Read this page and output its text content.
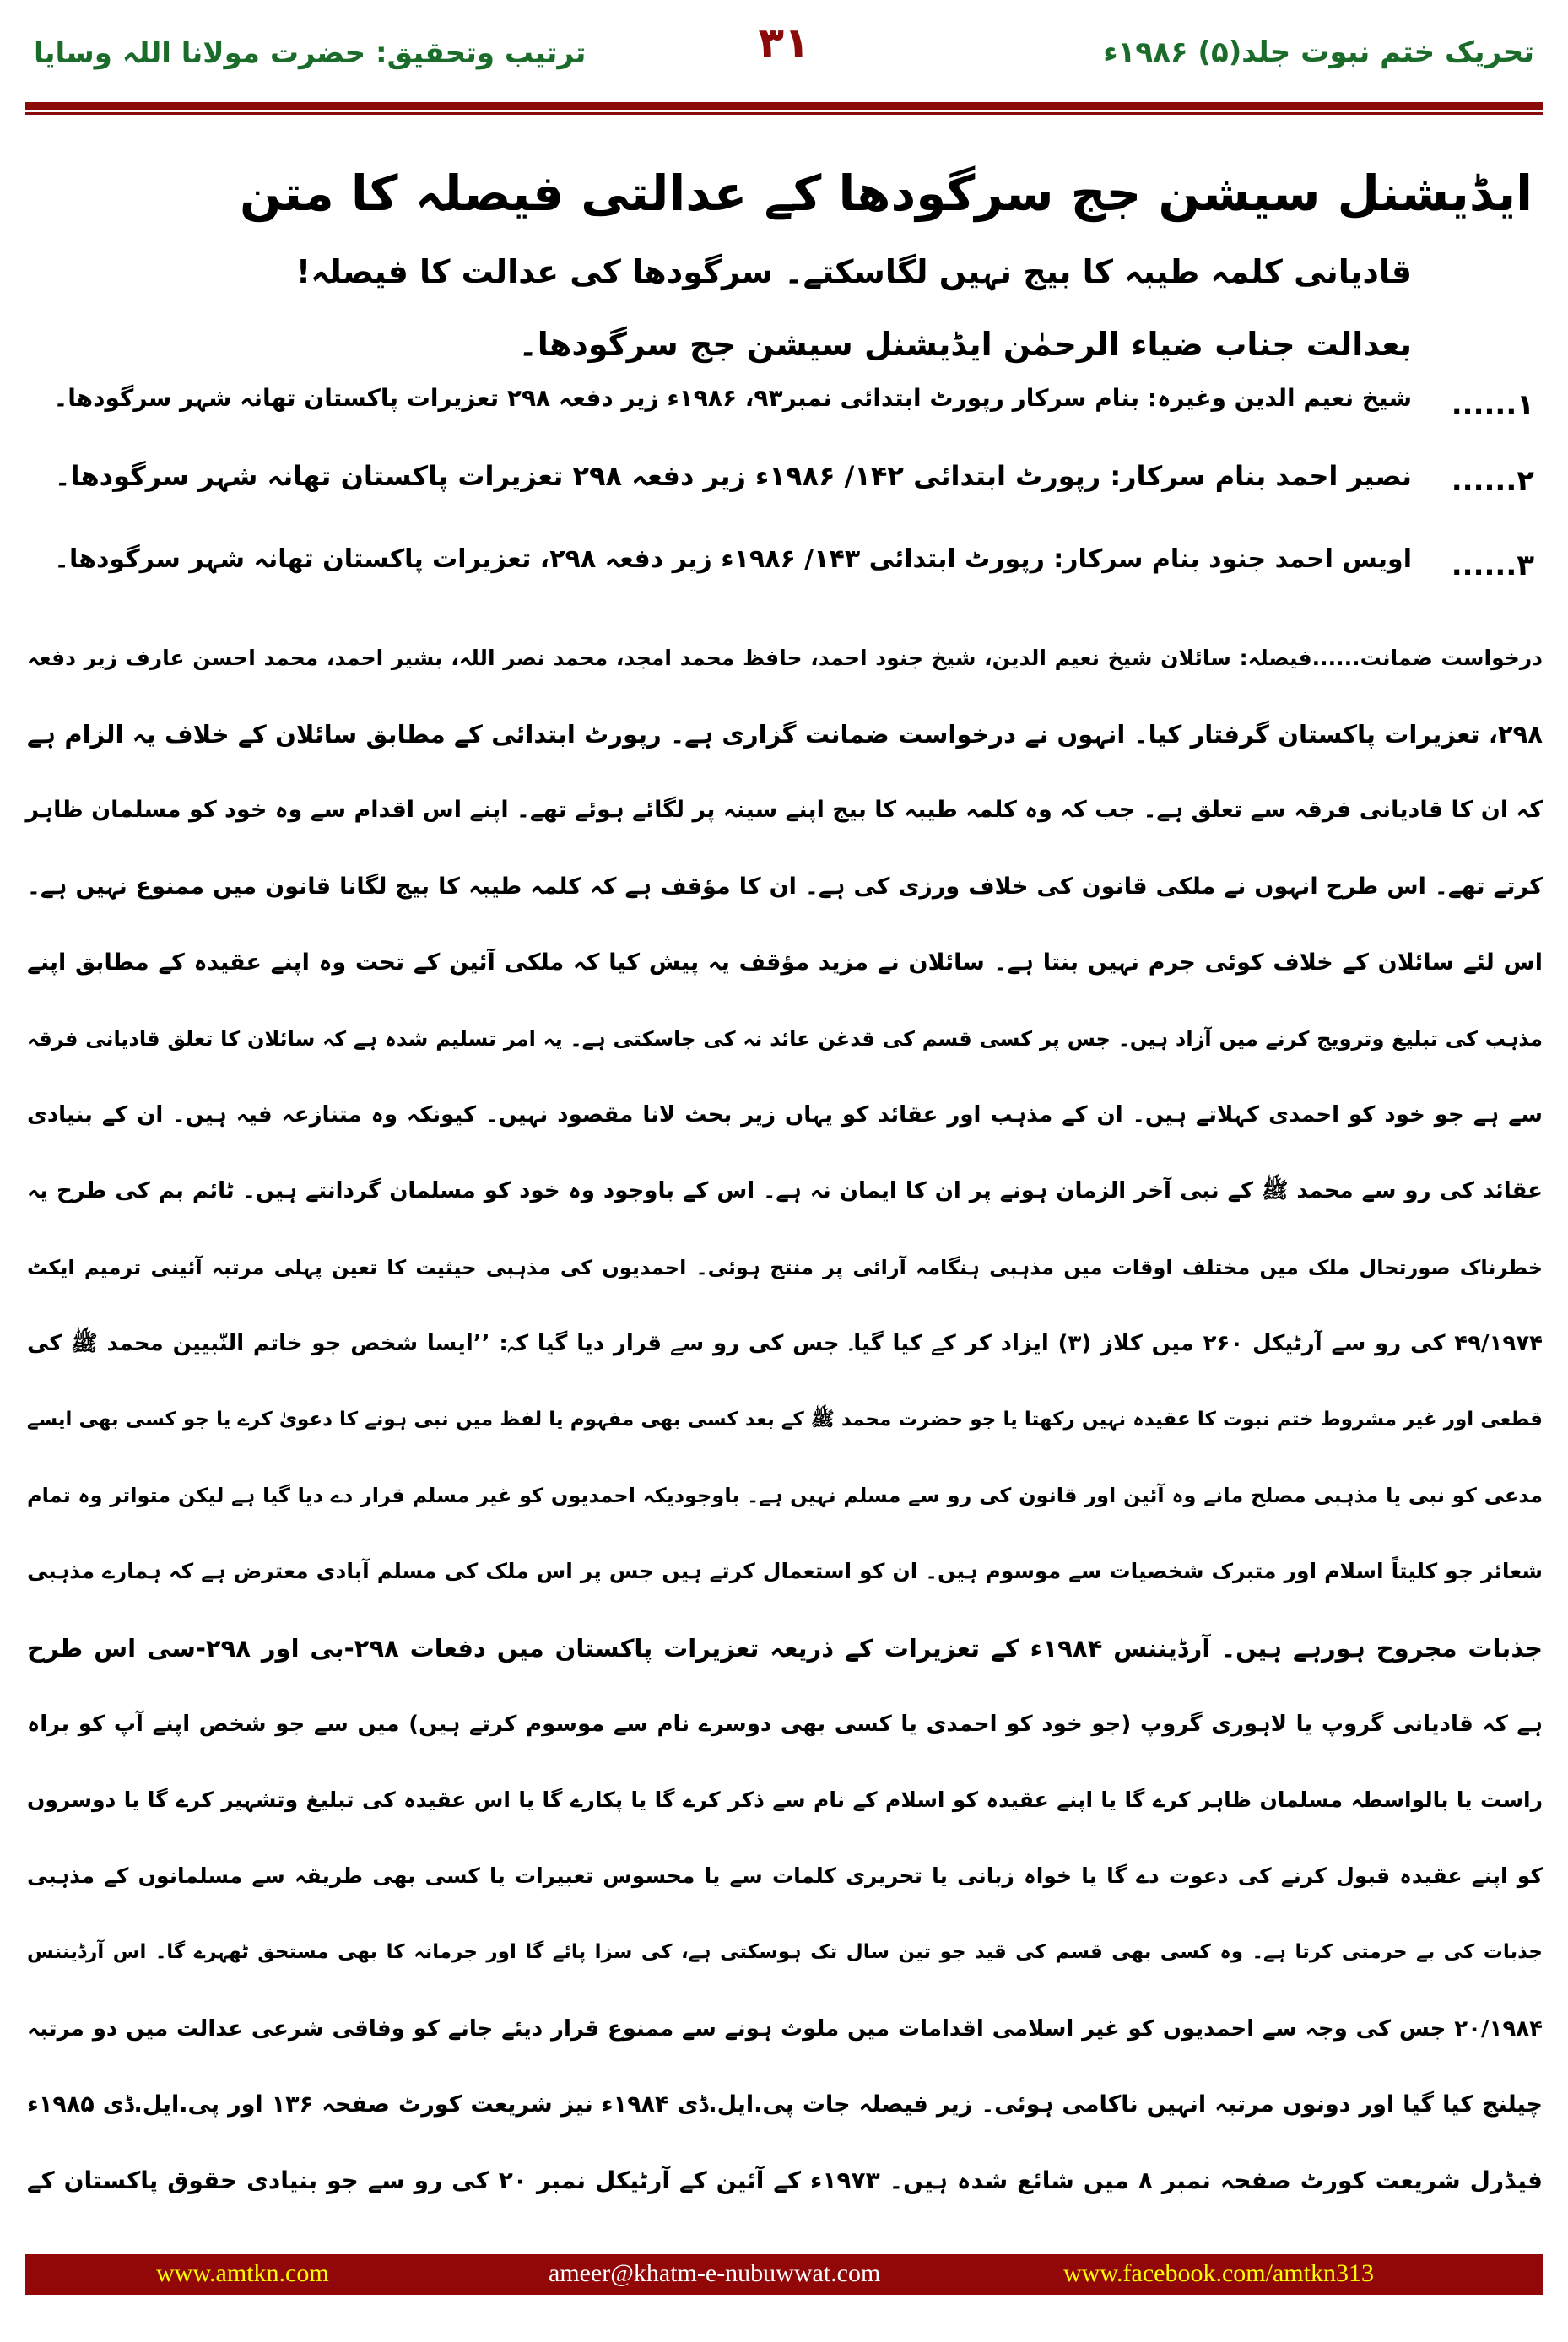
تحریک ختم نبوت جلد(۵) ۱۹۸۶ء
۳۱
ترتیب وتحقیق: حضرت مولانا اللہ وسایا
ایڈیشنل سیشن جج سرگودھا کے عدالتی فیصلہ کا متن
قادیانی کلمہ طیبہ کا بیج نہیں لگاسکتے۔ سرگودھا کی عدالت کا فیصلہ!
بعدالت جناب ضیاء الرحمٰن ایڈیشنل سیشن جج سرگودھا۔
۱......
شیخ نعیم الدین وغیرہ: بنام سرکار رپورٹ ابتدائی نمبر۹۳، ۱۹۸۶ء زیر دفعہ ۲۹۸ تعزیرات پاکستان تھانہ شہر سرگودھا۔
۲......
نصیر احمد بنام سرکار: رپورٹ ابتدائی ۱۴۲/ ۱۹۸۶ء زیر دفعہ ۲۹۸ تعزیرات پاکستان تھانہ شہر سرگودھا۔
۳......
اویس احمد جنود بنام سرکار: رپورٹ ابتدائی ۱۴۳/ ۱۹۸۶ء زیر دفعہ ۲۹۸، تعزیرات پاکستان تھانہ شہر سرگودھا۔
درخواست ضمانت......فیصلہ: سائلان شیخ نعیم الدین، شیخ جنود احمد، حافظ محمد امجد، محمد نصر اللہ، بشیر احمد، محمد احسن عارف زیر دفعہ
۲۹۸، تعزیرات پاکستان گرفتار کیا۔ انہوں نے درخواست ضمانت گزاری ہے۔ رپورٹ ابتدائی کے مطابق سائلان کے خلاف یہ الزام ہے
کہ ان کا قادیانی فرقہ سے تعلق ہے۔ جب کہ وہ کلمہ طیبہ کا بیج اپنے سینہ پر لگائے ہوئے تھے۔ اپنے اس اقدام سے وہ خود کو مسلمان ظاہر
کرتے تھے۔ اس طرح انہوں نے ملکی قانون کی خلاف ورزی کی ہے۔ ان کا مؤقف ہے کہ کلمہ طیبہ کا بیج لگانا قانون میں ممنوع نہیں ہے۔
اس لئے سائلان کے خلاف کوئی جرم نہیں بنتا ہے۔ سائلان نے مزید مؤقف یہ پیش کیا کہ ملکی آئین کے تحت وہ اپنے عقیدہ کے مطابق اپنے
مذہب کی تبلیغ وترویج کرنے میں آزاد ہیں۔ جس پر کسی قسم کی قدغن عائد نہ کی جاسکتی ہے۔ یہ امر تسلیم شدہ ہے کہ سائلان کا تعلق قادیانی فرقہ
سے ہے جو خود کو احمدی کہلاتے ہیں۔ ان کے مذہب اور عقائد کو یہاں زیر بحث لانا مقصود نہیں۔ کیونکہ وہ متنازعہ فیہ ہیں۔ ان کے بنیادی
عقائد کی رو سے محمد ﷺ کے نبی آخر الزمان ہونے پر ان کا ایمان نہ ہے۔ اس کے باوجود وہ خود کو مسلمان گردانتے ہیں۔ ٹائم بم کی طرح یہ
خطرناک صورتحال ملک میں مختلف اوقات میں مذہبی ہنگامہ آرائی پر منتج ہوئی۔ احمدیوں کی مذہبی حیثیت کا تعین پہلی مرتبہ آئینی ترمیم ایکٹ
۴۹/۱۹۷۴ کی رو سے آرٹیکل ۲۶۰ میں کلاز (۳) ایزاد کر کے کیا گیا۔ جس کی رو سے قرار دیا گیا کہ: ’’ایسا شخص جو خاتم النّبیین محمد ﷺ کی
قطعی اور غیر مشروط ختم نبوت کا عقیدہ نہیں رکھتا یا جو حضرت محمد ﷺ کے بعد کسی بھی مفہوم یا لفظ میں نبی ہونے کا دعویٰ کرے یا جو کسی بھی ایسے
مدعی کو نبی یا مذہبی مصلح مانے وہ آئین اور قانون کی رو سے مسلم نہیں ہے۔ باوجودیکہ احمدیوں کو غیر مسلم قرار دے دیا گیا ہے لیکن متواتر وہ تمام
شعائر جو کلیتاً اسلام اور متبرک شخصیات سے موسوم ہیں۔ ان کو استعمال کرتے ہیں جس پر اس ملک کی مسلم آبادی معترض ہے کہ ہمارے مذہبی
جذبات مجروح ہورہے ہیں۔ آرڈیننس ۱۹۸۴ء کے تعزیرات کے ذریعہ تعزیرات پاکستان میں دفعات ۲۹۸-بی اور ۲۹۸-سی اس طرح
ہے کہ قادیانی گروپ یا لاہوری گروپ (جو خود کو احمدی یا کسی بھی دوسرے نام سے موسوم کرتے ہیں) میں سے جو شخص اپنے آپ کو براہ
راست یا بالواسطہ مسلمان ظاہر کرے گا یا اپنے عقیدہ کو اسلام کے نام سے ذکر کرے گا یا پکارے گا یا اس عقیدہ کی تبلیغ وتشہیر کرے گا یا دوسروں
کو اپنے عقیدہ قبول کرنے کی دعوت دے گا یا خواہ زبانی یا تحریری کلمات سے یا محسوس تعبیرات یا کسی بھی طریقہ سے مسلمانوں کے مذہبی
جذبات کی بے حرمتی کرتا ہے۔ وہ کسی بھی قسم کی قید جو تین سال تک ہوسکتی ہے، کی سزا پائے گا اور جرمانہ کا بھی مستحق ٹھہرے گا۔ اس آرڈیننس
۲۰/۱۹۸۴ جس کی وجہ سے احمدیوں کو غیر اسلامی اقدامات میں ملوث ہونے سے ممنوع قرار دیئے جانے کو وفاقی شرعی عدالت میں دو مرتبہ
چیلنج کیا گیا اور دونوں مرتبہ انہیں ناکامی ہوئی۔ زیر فیصلہ جات پی.ایل.ڈی ۱۹۸۴ء نیز شریعت کورٹ صفحہ ۱۳۶ اور پی.ایل.ڈی ۱۹۸۵ء
فیڈرل شریعت کورٹ صفحہ نمبر ۸ میں شائع شدہ ہیں۔ ۱۹۷۳ء کے آئین کے آرٹیکل نمبر ۲۰ کی رو سے جو بنیادی حقوق پاکستان کے
www.amtkn.com	ameer@khatm-e-nubuwwat.com	www.facebook.com/amtkn313
